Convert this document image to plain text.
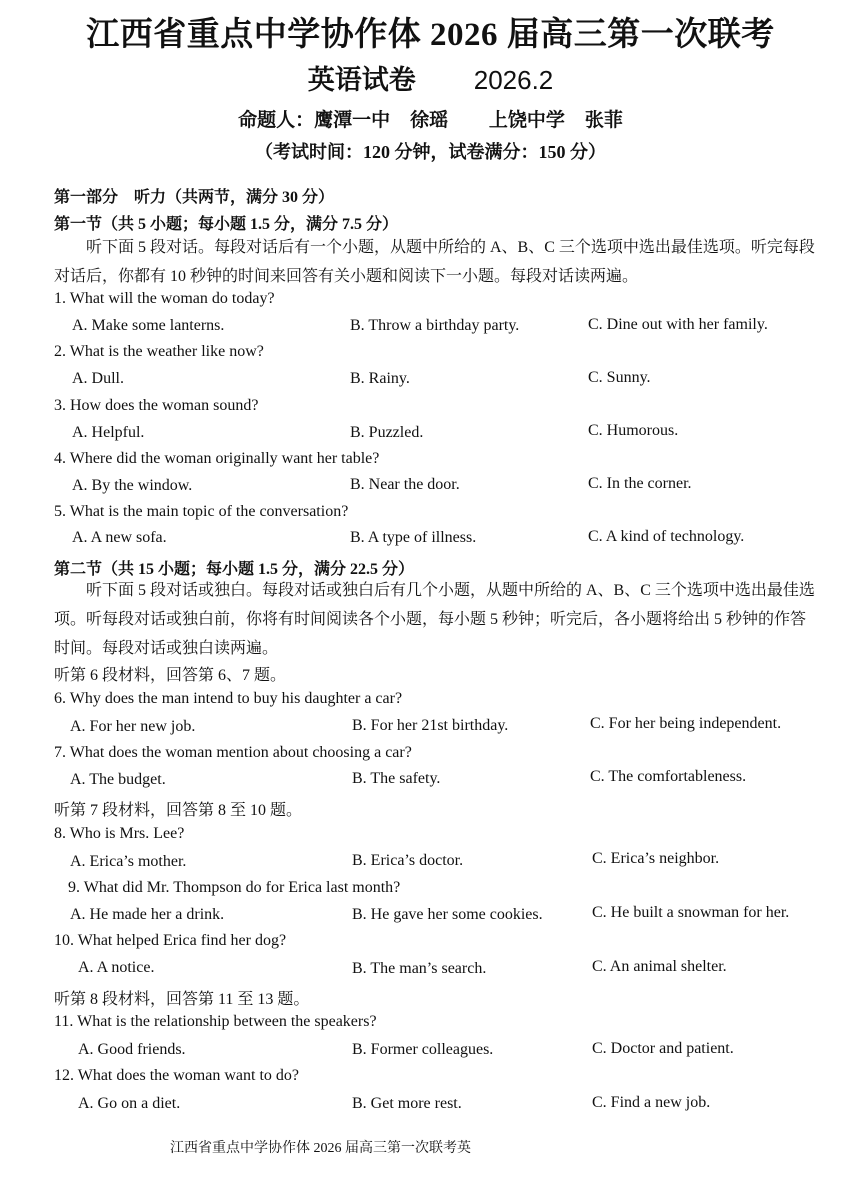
江西省重点中学协作体 2026 届高三第一次联考
英语试卷 2026.2
命题人：鹰潭一中 徐瑶 上饶中学 张菲
（考试时间：120 分钟，试卷满分：150 分）
第一部分　听力（共两节，满分 30 分）
第一节（共 5 小题；每小题 1.5 分，满分 7.5 分）
听下面 5 段对话。每段对话后有一个小题，从题中所给的 A、B、C 三个选项中选出最佳选项。听完每段对话后，你都有 10 秒钟的时间来回答有关小题和阅读下一小题。每段对话读两遍。
1. What will the woman do today?
A. Make some lanterns.	B. Throw a birthday party.	C. Dine out with her family.
2. What is the weather like now?
A. Dull.	B. Rainy.	C. Sunny.
3. How does the woman sound?
A. Helpful.	B. Puzzled.	C. Humorous.
4. Where did the woman originally want her table?
A. By the window.	B. Near the door.	C. In the corner.
5. What is the main topic of the conversation?
A. A new sofa.	B. A type of illness.	C. A kind of technology.
第二节（共 15 小题；每小题 1.5 分，满分 22.5 分）
听下面 5 段对话或独白。每段对话或独白后有几个小题，从题中所给的 A、B、C 三个选项中选出最佳选项。听每段对话或独白前，你将有时间阅读各个小题，每小题 5 秒钟；听完后，各小题将给出 5 秒钟的作答时间。每段对话或独白读两遍。
听第 6 段材料，回答第 6、7 题。
6. Why does the man intend to buy his daughter a car?
A. For her new job.	B. For her 21st birthday.	C. For her being independent.
7. What does the woman mention about choosing a car?
A. The budget.	B. The safety.	C. The comfortableness.
听第 7 段材料，回答第 8 至 10 题。
8. Who is Mrs. Lee?
A. Erica’s mother.	B. Erica’s doctor.	C. Erica’s neighbor.
9. What did Mr. Thompson do for Erica last month?
A. He made her a drink.	B. He gave her some cookies.	C. He built a snowman for her.
10. What helped Erica find her dog?
A. A notice.	B. The man’s search.	C. An animal shelter.
听第 8 段材料，回答第 11 至 13 题。
11. What is the relationship between the speakers?
A. Good friends.	B. Former colleagues.	C. Doctor and patient.
12. What does the woman want to do?
A. Go on a diet.	B. Get more rest.	C. Find a new job.
江西省重点中学协作体 2026 届高三第一次联考英
